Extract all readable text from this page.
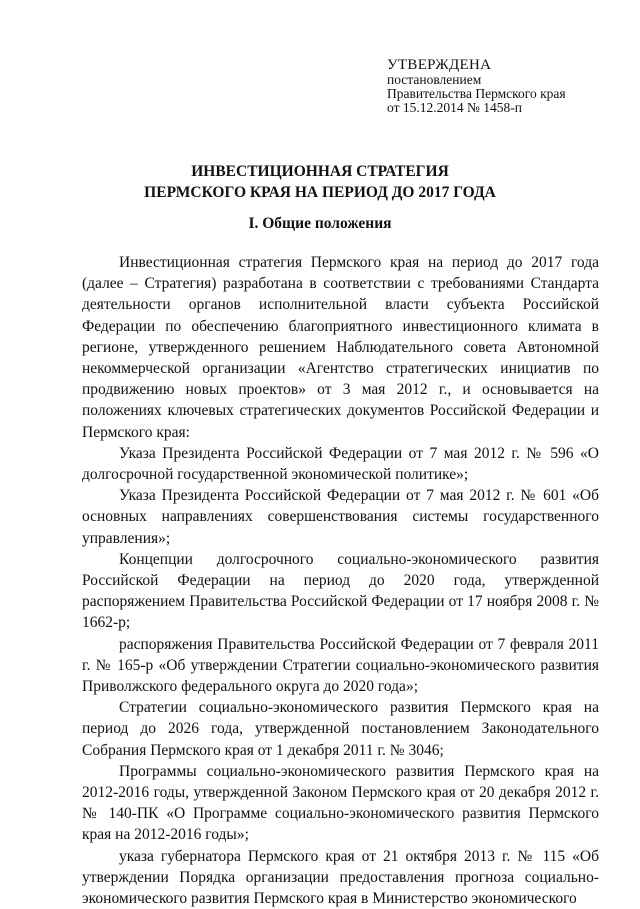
УТВЕРЖДЕНА
постановлением
Правительства Пермского края
от 15.12.2014 № 1458-п
ИНВЕСТИЦИОННАЯ СТРАТЕГИЯ
ПЕРМСКОГО КРАЯ НА ПЕРИОД ДО 2017 ГОДА
I. Общие положения

Инвестиционная стратегия Пермского края на период до 2017 года (далее – Стратегия) разработана в соответствии с требованиями Стандарта деятельности органов исполнительной власти субъекта Российской Федерации по обеспечению благоприятного инвестиционного климата в регионе, утвержденного решением Наблюдательного совета Автономной некоммерческой организации «Агентство стратегических инициатив по продвижению новых проектов» от 3 мая 2012 г., и основывается на положениях ключевых стратегических документов Российской Федерации и Пермского края:

Указа Президента Российской Федерации от 7 мая 2012 г. № 596 «О долгосрочной государственной экономической политике»;

Указа Президента Российской Федерации от 7 мая 2012 г. № 601 «Об основных направлениях совершенствования системы государственного управления»;

Концепции долгосрочного социально-экономического развития Российской Федерации на период до 2020 года, утвержденной распоряжением Правительства Российской Федерации от 17 ноября 2008 г. № 1662-р;

распоряжения Правительства Российской Федерации от 7 февраля 2011 г. № 165-р «Об утверждении Стратегии социально-экономического развития Приволжского федерального округа до 2020 года»;

Стратегии социально-экономического развития Пермского края на период до 2026 года, утвержденной постановлением Законодательного Собрания Пермского края от 1 декабря 2011 г. № 3046;

Программы социально-экономического развития Пермского края на 2012-2016 годы, утвержденной Законом Пермского края от 20 декабря 2012 г. № 140-ПК «О Программе социально-экономического развития Пермского края на 2012-2016 годы»;

указа губернатора Пермского края от 21 октября 2013 г. № 115 «Об утверждении Порядка организации предоставления прогноза социально-экономического развития Пермского края в Министерство экономического
